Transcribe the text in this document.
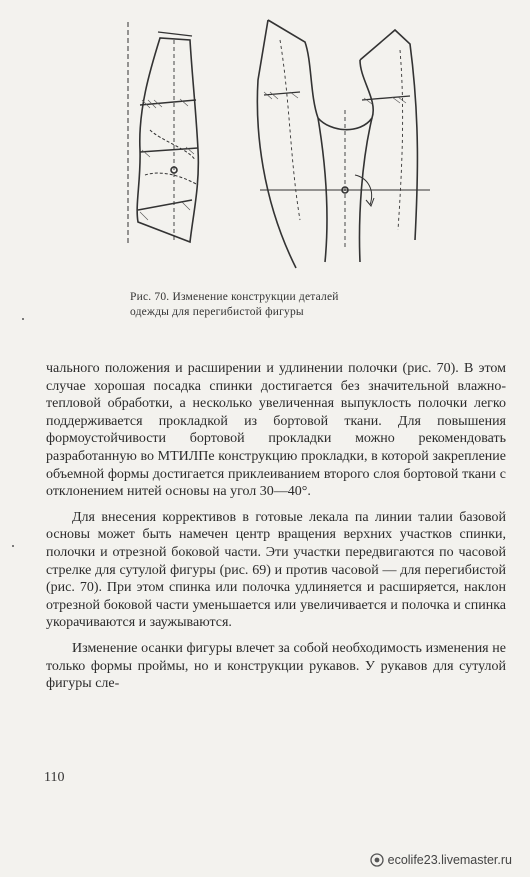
Рис. 70. Изменение конструкции деталей
одежды для перегибистой фигуры

чального положения и расширении и удлинении полочки (рис. 70). В этом случае хорошая посадка спинки достигается без значительной влажно-тепловой обработки, а несколько увеличенная выпуклость полочки легко поддерживается прокладкой из бортовой ткани. Для повышения формоустойчивости бортовой прокладки можно рекомендовать разработанную во МТИЛПе конструкцию прокладки, в которой закрепление объемной формы достигается приклеиванием второго слоя бортовой ткани с отклонением нитей основы на угол 30—40°.

Для внесения коррективов в готовые лекала па линии талии базовой основы может быть намечен центр вращения верхних участков спинки, полочки и отрезной боковой части. Эти участки передвигаются по часовой стрелке для сутулой фигуры (рис. 69) и против часовой — для перегибистой (рис. 70). При этом спинка или полочка удлиняется и расширяется, наклон отрезной боковой части уменьшается или увеличивается и полочка и спинка укорачиваются и заужываются.

Изменение осанки фигуры влечет за собой необходимость изменения не только формы проймы, но и конструкции рукавов. У рукавов для сутулой фигуры сле-

110
ecolife23.livemaster.ru
